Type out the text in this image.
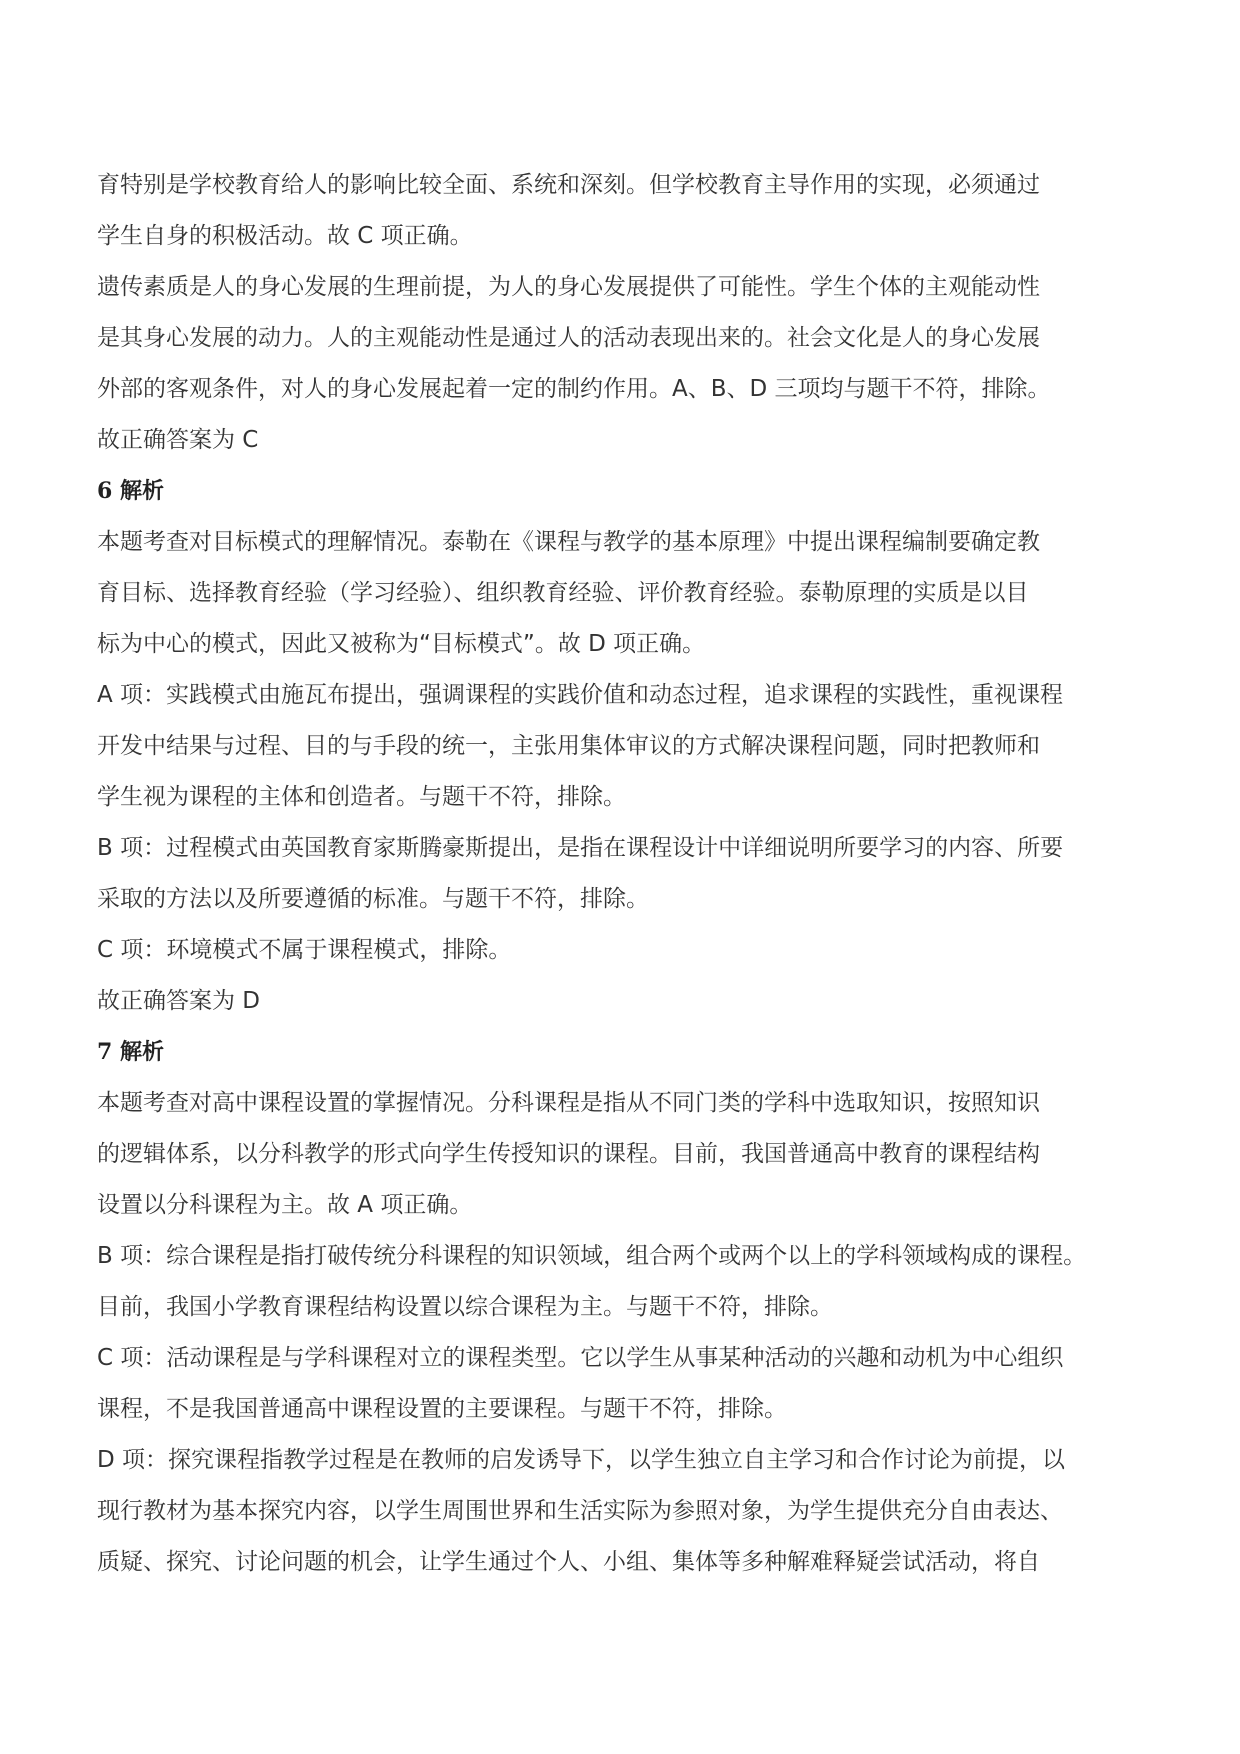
育特别是学校教育给人的影响比较全面、系统和深刻。但学校教育主导作用的实现，必须通过
学生自身的积极活动。故 C 项正确。
遗传素质是人的身心发展的生理前提，为人的身心发展提供了可能性。学生个体的主观能动性
是其身心发展的动力。人的主观能动性是通过人的活动表现出来的。社会文化是人的身心发展
外部的客观条件，对人的身心发展起着一定的制约作用。A、B、D 三项均与题干不符，排除。
故正确答案为 C
6 解析
本题考查对目标模式的理解情况。泰勒在《课程与教学的基本原理》中提出课程编制要确定教
育目标、选择教育经验（学习经验）、组织教育经验、评价教育经验。泰勒原理的实质是以目
标为中心的模式，因此又被称为“目标模式”。故 D 项正确。
A 项：实践模式由施瓦布提出，强调课程的实践价值和动态过程，追求课程的实践性，重视课程
开发中结果与过程、目的与手段的统一，主张用集体审议的方式解决课程问题，同时把教师和
学生视为课程的主体和创造者。与题干不符，排除。
B 项：过程模式由英国教育家斯腾豪斯提出，是指在课程设计中详细说明所要学习的内容、所要
采取的方法以及所要遵循的标准。与题干不符，排除。
C 项：环境模式不属于课程模式，排除。
故正确答案为 D
7 解析
本题考查对高中课程设置的掌握情况。分科课程是指从不同门类的学科中选取知识，按照知识
的逻辑体系，以分科教学的形式向学生传授知识的课程。目前，我国普通高中教育的课程结构
设置以分科课程为主。故 A 项正确。
B 项：综合课程是指打破传统分科课程的知识领域，组合两个或两个以上的学科领域构成的课程。
目前，我国小学教育课程结构设置以综合课程为主。与题干不符，排除。
C 项：活动课程是与学科课程对立的课程类型。它以学生从事某种活动的兴趣和动机为中心组织
课程，不是我国普通高中课程设置的主要课程。与题干不符，排除。
D 项：探究课程指教学过程是在教师的启发诱导下，以学生独立自主学习和合作讨论为前提，以
现行教材为基本探究内容，以学生周围世界和生活实际为参照对象，为学生提供充分自由表达、
质疑、探究、讨论问题的机会，让学生通过个人、小组、集体等多种解难释疑尝试活动，将自
